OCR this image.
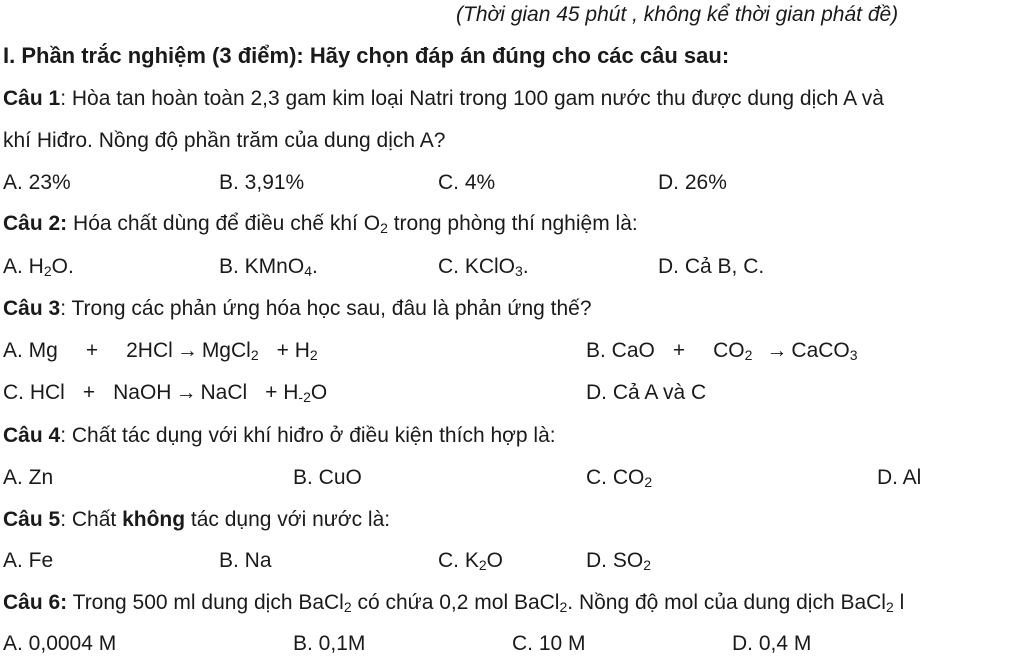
(Thời gian 45 phút , không kể thời gian phát đề)
I. Phần trắc nghiệm (3 điểm): Hãy chọn đáp án đúng cho các câu sau:
Câu 1: Hòa tan hoàn toàn 2,3 gam kim loại Natri trong 100 gam nước thu được dung dịch A và
khí Hiđro. Nồng độ phần trăm của dung dịch A?
A. 23%	B. 3,91%	C. 4%	D. 26%
Câu 2: Hóa chất dùng để điều chế khí $O_2$ trong phòng thí nghiệm là:
A. $H_2O$.	B. KMnO$_4$.	C. KClO$_3$.	D. Cả B, C.
Câu 3: Trong các phản ứng hóa học sau, đâu là phản ứng thế?
A. Mg + 2HCl → MgCl$_2$ + $H_2$	B. CaO + $CO_2$ → CaCO$_3$
C. HCl + NaOH → NaCl + $H_{-2}O$	D. Cả A và C
Câu 4: Chất tác dụng với khí hiđro ở điều kiện thích hợp là:
A. Zn	B. CuO	C. $CO_2$	D. Al
Câu 5: Chất không tác dụng với nước là:
A. Fe	B. Na	C. $K_2O$	D. $SO_2$
Câu 6: Trong 500 ml dung dịch BaCl$_2$ có chứa 0,2 mol BaCl$_2$. Nồng độ mol của dung dịch BaCl$_2$ l
A. 0,0004 M	B. 0,1M	C. 10 M	D. 0,4 M
